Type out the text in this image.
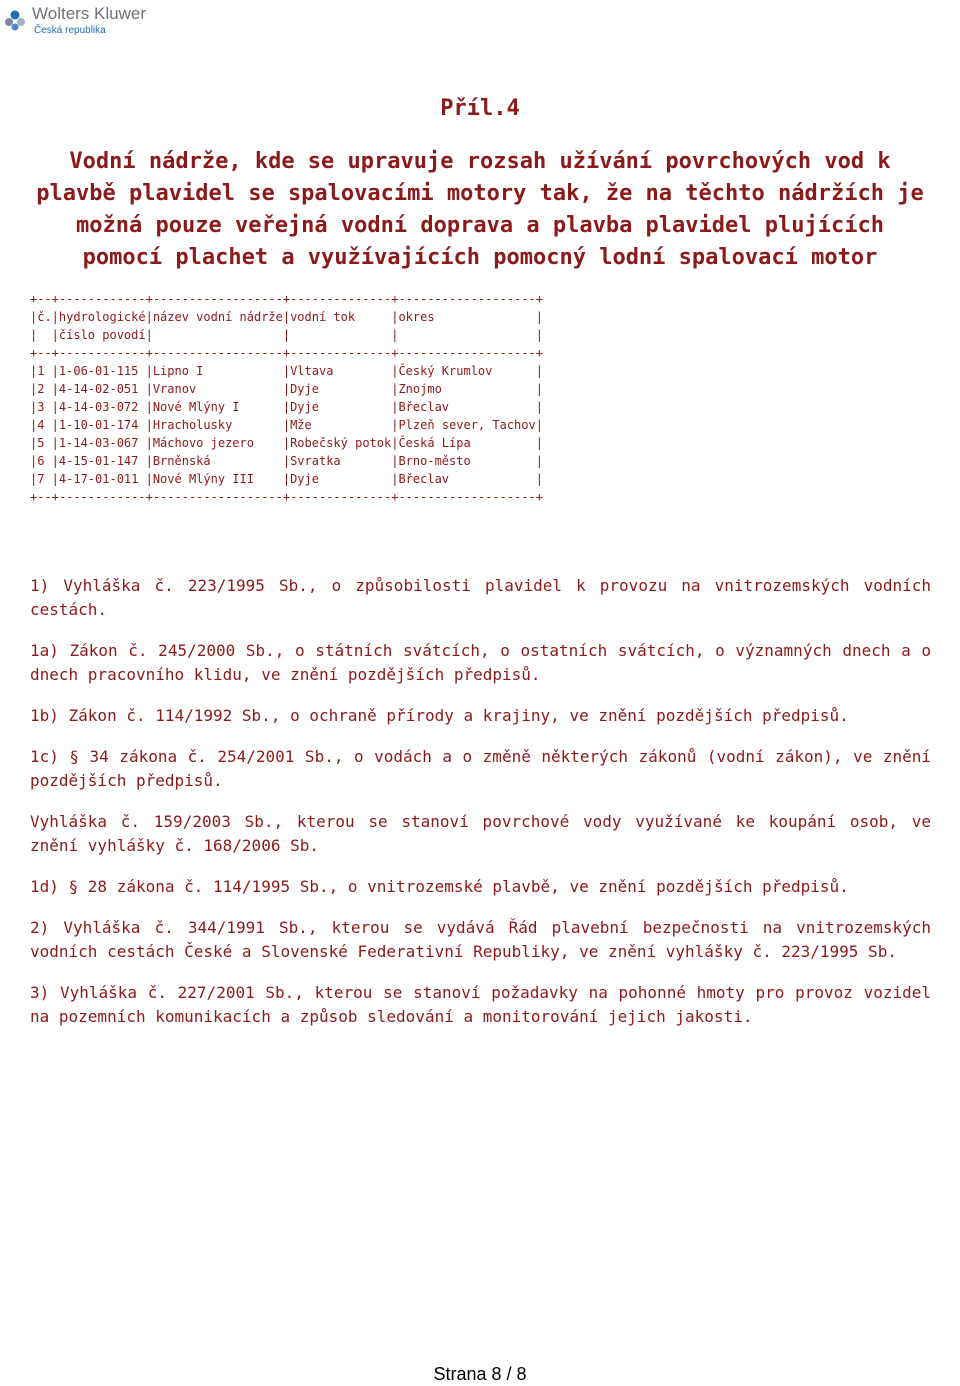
Wolters Kluwer
Česká republika
Příl.4
Vodní nádrže, kde se upravuje rozsah užívání povrchových vod k plavbě plavidel se spalovacími motory tak, že na těchto nádržích je možná pouze veřejná vodní doprava a plavba plavidel plujících pomocí plachet a využívajících pomocný lodní spalovací motor
+--+------------+------------------+--------------+-------------------+
|č.|hydrologické|název vodní nádrže|vodní tok     |okres              |
|  |číslo povodí|                  |              |                   |
+--+------------+------------------+--------------+-------------------+
|1 |1-06-01-115 |Lipno I           |Vltava        |Český Krumlov      |
|2 |4-14-02-051 |Vranov            |Dyje          |Znojmo             |
|3 |4-14-03-072 |Nové Mlýny I      |Dyje          |Břeclav            |
|4 |1-10-01-174 |Hracholusky       |Mže           |Plzeň sever, Tachov|
|5 |1-14-03-067 |Máchovo jezero    |Robečský potok|Česká Lípa         |
|6 |4-15-01-147 |Brněnská          |Svratka       |Brno-město         |
|7 |4-17-01-011 |Nové Mlýny III    |Dyje          |Břeclav            |
+--+------------+------------------+--------------+-------------------+

1) Vyhláška č. 223/1995 Sb., o způsobilosti plavidel k provozu na vnitrozemských vodních cestách.

1a) Zákon č. 245/2000 Sb., o státních svátcích, o ostatních svátcích, o významných dnech a o dnech pracovního klidu, ve znění pozdějších předpisů.

1b) Zákon č. 114/1992 Sb., o ochraně přírody a krajiny, ve znění pozdějších předpisů.

1c) § 34 zákona č. 254/2001 Sb., o vodách a o změně některých zákonů (vodní zákon), ve znění pozdějších předpisů.

Vyhláška č. 159/2003 Sb., kterou se stanoví povrchové vody využívané ke koupání osob, ve znění vyhlášky č. 168/2006 Sb.

1d) § 28 zákona č. 114/1995 Sb., o vnitrozemské plavbě, ve znění pozdějších předpisů.

2) Vyhláška č. 344/1991 Sb., kterou se vydává Řád plavební bezpečnosti na vnitrozemských vodních cestách České a Slovenské Federativní Republiky, ve znění vyhlášky č. 223/1995 Sb.

3) Vyhláška č. 227/2001 Sb., kterou se stanoví požadavky na pohonné hmoty pro provoz vozidel na pozemních komunikacích a způsob sledování a monitorování jejich jakosti.

Strana 8 / 8
